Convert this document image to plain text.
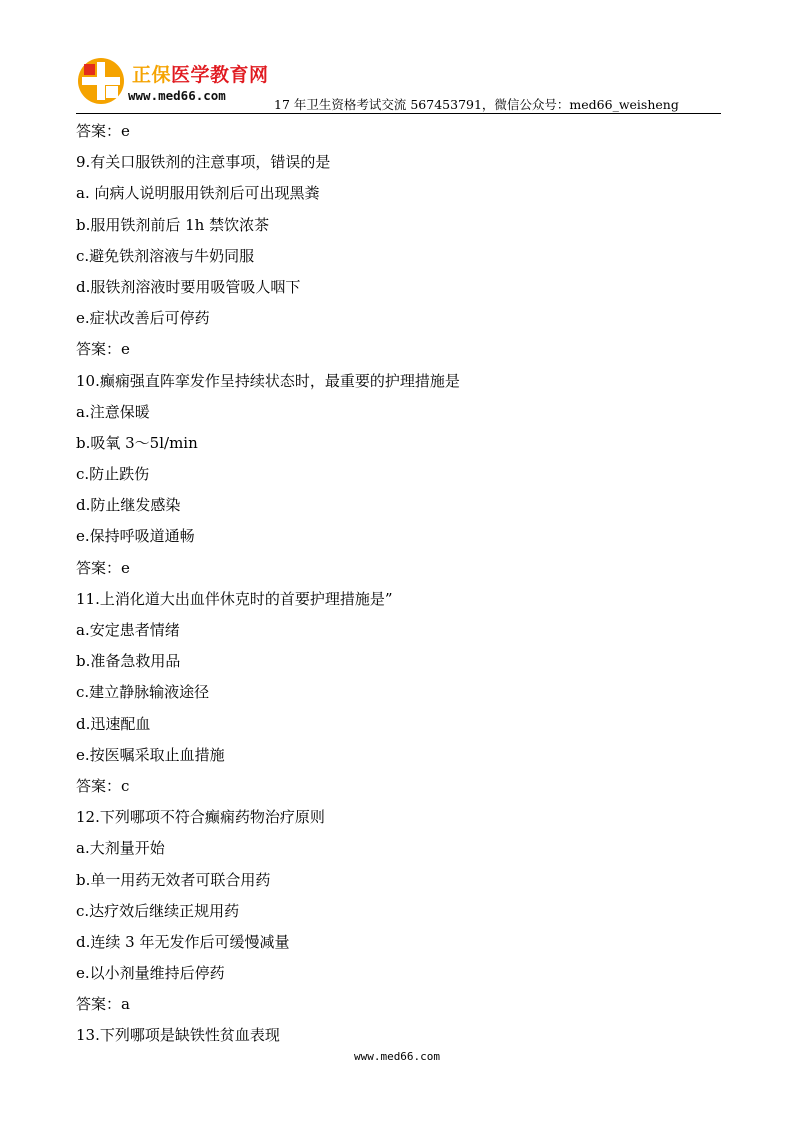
正保医学教育网
www.med66.com
17 年卫生资格考试交流 567453791，微信公众号：med66_weisheng
答案：e
9.有关口服铁剂的注意事项，错误的是
a. 向病人说明服用铁剂后可出现黑粪
b.服用铁剂前后 1h 禁饮浓茶
c.避免铁剂溶液与牛奶同服
d.服铁剂溶液时要用吸管吸人咽下
e.症状改善后可停药
答案：e
10.癫痫强直阵挛发作呈持续状态时，最重要的护理措施是
a.注意保暖
b.吸氧 3～5l/min
c.防止跌伤
d.防止继发感染
e.保持呼吸道通畅
答案：e
11.上消化道大出血伴休克时的首要护理措施是”
a.安定患者情绪
b.准备急救用品
c.建立静脉输液途径
d.迅速配血
e.按医嘱采取止血措施
答案：c
12.下列哪项不符合癫痫药物治疗原则
a.大剂量开始
b.单一用药无效者可联合用药
c.达疗效后继续正规用药
d.连续 3 年无发作后可缓慢减量
e.以小剂量维持后停药
答案：a
13.下列哪项是缺铁性贫血表现
www.med66.com
